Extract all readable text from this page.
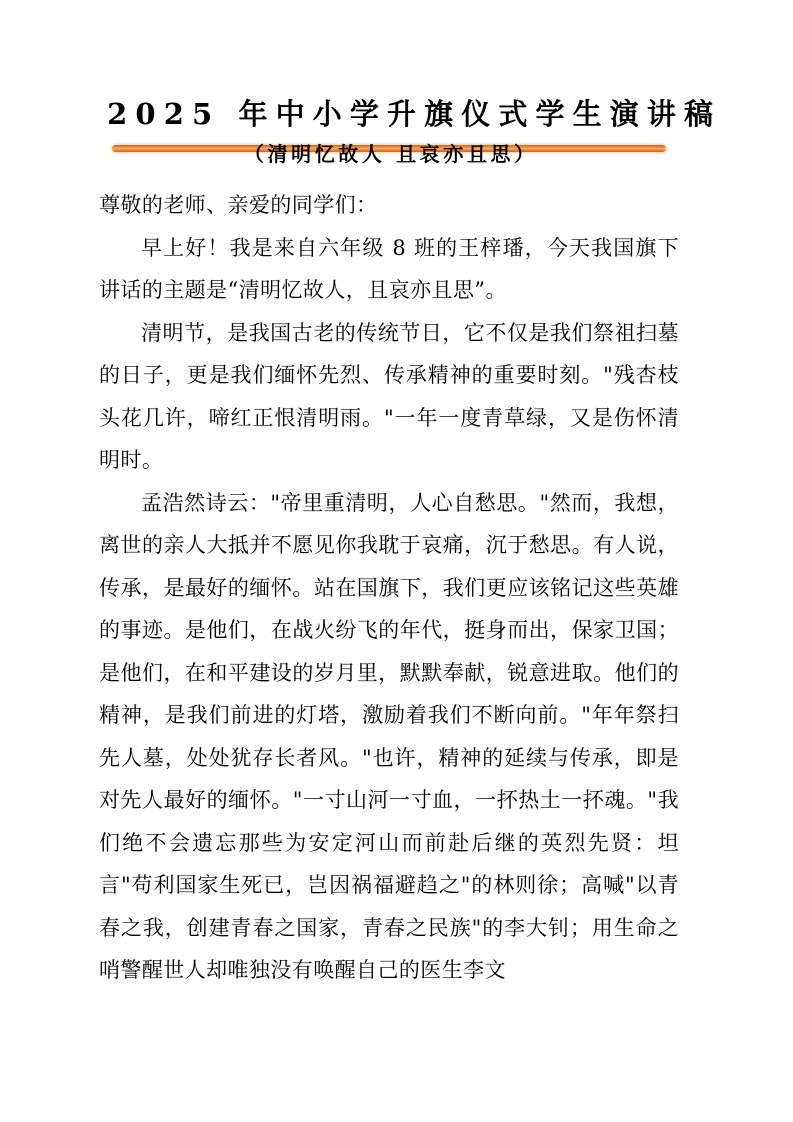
2025 年中小学升旗仪式学生演讲稿
（清明忆故人 且哀亦且思）

尊敬的老师、亲爱的同学们：

早上好！我是来自六年级 8 班的王梓璠，今天我国旗下讲话的主题是“清明忆故人，且哀亦且思”。

清明节，是我国古老的传统节日，它不仅是我们祭祖扫墓的日子，更是我们缅怀先烈、传承精神的重要时刻。"残杏枝头花几许，啼红正恨清明雨。"一年一度青草绿，又是伤怀清明时。

孟浩然诗云："帝里重清明，人心自愁思。"然而，我想，离世的亲人大抵并不愿见你我耽于哀痛，沉于愁思。有人说，传承，是最好的缅怀。站在国旗下，我们更应该铭记这些英雄的事迹。是他们，在战火纷飞的年代，挺身而出，保家卫国；是他们，在和平建设的岁月里，默默奉献，锐意进取。他们的精神，是我们前进的灯塔，激励着我们不断向前。"年年祭扫先人墓，处处犹存长者风。"也许，精神的延续与传承，即是对先人最好的缅怀。"一寸山河一寸血，一抔热土一抔魂。"我们绝不会遗忘那些为安定河山而前赴后继的英烈先贤：坦言"苟利国家生死已，岂因祸福避趋之"的林则徐；高喊"以青春之我，创建青春之国家，青春之民族"的李大钊；用生命之哨警醒世人却唯独没有唤醒自己的医生李文
